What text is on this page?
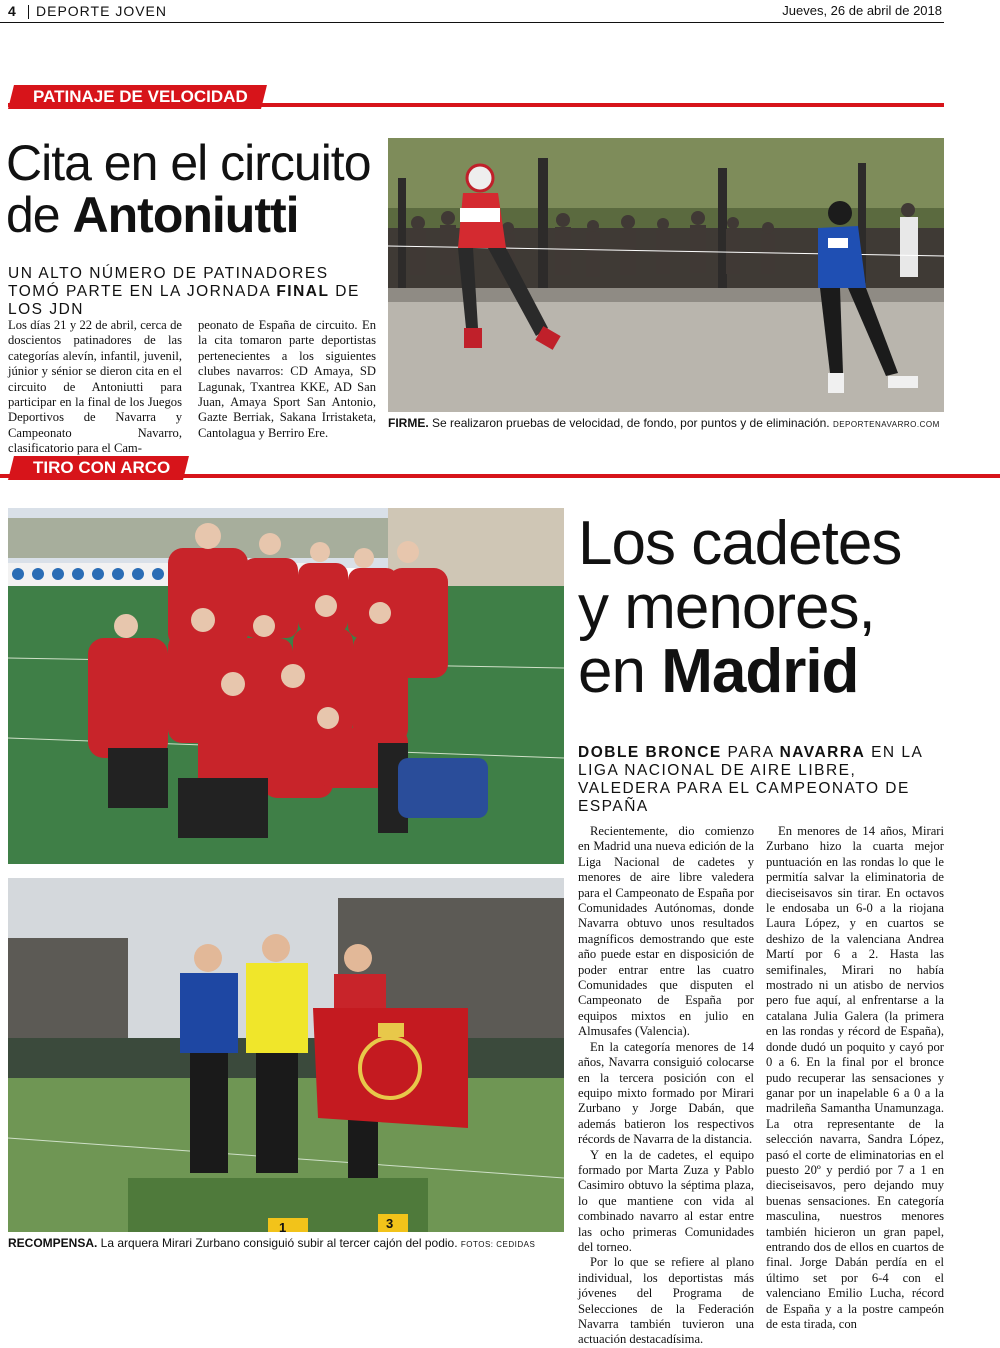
4 DEPORTE JOVEN	Jueves, 26 de abril de 2018
PATINAJE DE VELOCIDAD
Cita en el circuito
de Antoniutti
UN ALTO NÚMERO DE PATINADORES TOMÓ PARTE EN LA JORNADA FINAL DE LOS JDN
Los días 21 y 22 de abril, cerca de doscientos patinadores de las categorías alevín, infantil, juvenil, júnior y sénior se dieron cita en el circuito de Antoniutti para participar en la final de los Juegos Deportivos de Navarra y Campeonato Navarro, clasificatorio para el Cam-
peonato de España de circuito. En la cita tomaron parte deportistas pertenecientes a los siguientes clubes navarros: CD Amaya, SD Lagunak, Txantrea KKE, AD San Juan, Amaya Sport San Antonio, Gazte Berriak, Sakana Irristaketa, Cantolagua y Berriro Ere.
FIRME. Se realizaron pruebas de velocidad, de fondo, por puntos y de eliminación. DEPORTENAVARRO.COM
TIRO CON ARCO
RECOMPENSA. La arquera Mirari Zurbano consiguió subir al tercer cajón del podio. FOTOS: CEDIDAS
Los cadetes
y menores,
en Madrid
DOBLE BRONCE PARA NAVARRA EN LA LIGA NACIONAL DE AIRE LIBRE, VALEDERA PARA EL CAMPEONATO DE ESPAÑA

Recientemente, dio comienzo en Madrid una nueva edición de la Liga Nacional de cadetes y menores de aire libre valedera para el Campeonato de España por Comunidades Autónomas, donde Navarra obtuvo unos resultados magníficos demostrando que este año puede estar en disposición de poder entrar entre las cuatro Comunidades que disputen el Campeonato de España por equipos mixtos en julio en Almusafes (Valencia).

En la categoría menores de 14 años, Navarra consiguió colocarse en la tercera posición con el equipo mixto formado por Mirari Zurbano y Jorge Dabán, que además batieron los respectivos récords de Navarra de la distancia.

Y en la de cadetes, el equipo formado por Marta Zuza y Pablo Casimiro obtuvo la séptima plaza, lo que mantiene con vida al combinado navarro al estar entre las ocho primeras Comunidades del torneo.

Por lo que se refiere al plano individual, los deportistas más jóvenes del Programa de Selecciones de la Federación Navarra también tuvieron una actuación destacadísima.

En menores de 14 años, Mirari Zurbano hizo la cuarta mejor puntuación en las rondas lo que le permitía salvar la eliminatoria de dieciseisavos sin tirar. En octavos le endosaba un 6-0 a la riojana Laura López, y en cuartos se deshizo de la valenciana Andrea Martí por 6 a 2. Hasta las semifinales, Mirari no había mostrado ni un atisbo de nervios pero fue aquí, al enfrentarse a la catalana Julia Galera (la primera en las rondas y récord de España), donde dudó un poquito y cayó por 0 a 6. En la final por el bronce pudo recuperar las sensaciones y ganar por un inapelable 6 a 0 a la madrileña Samantha Unamunzaga. La otra representante de la selección navarra, Sandra López, pasó el corte de eliminatorias en el puesto 20º y perdió por 7 a 1 en dieciseisavos, pero dejando muy buenas sensaciones. En categoría masculina, nuestros menores también hicieron un gran papel, entrando dos de ellos en cuartos de final. Jorge Dabán perdía en el último set por 6-4 con el valenciano Emilio Lucha, récord de España y a la postre campeón de esta tirada, con

1	3
